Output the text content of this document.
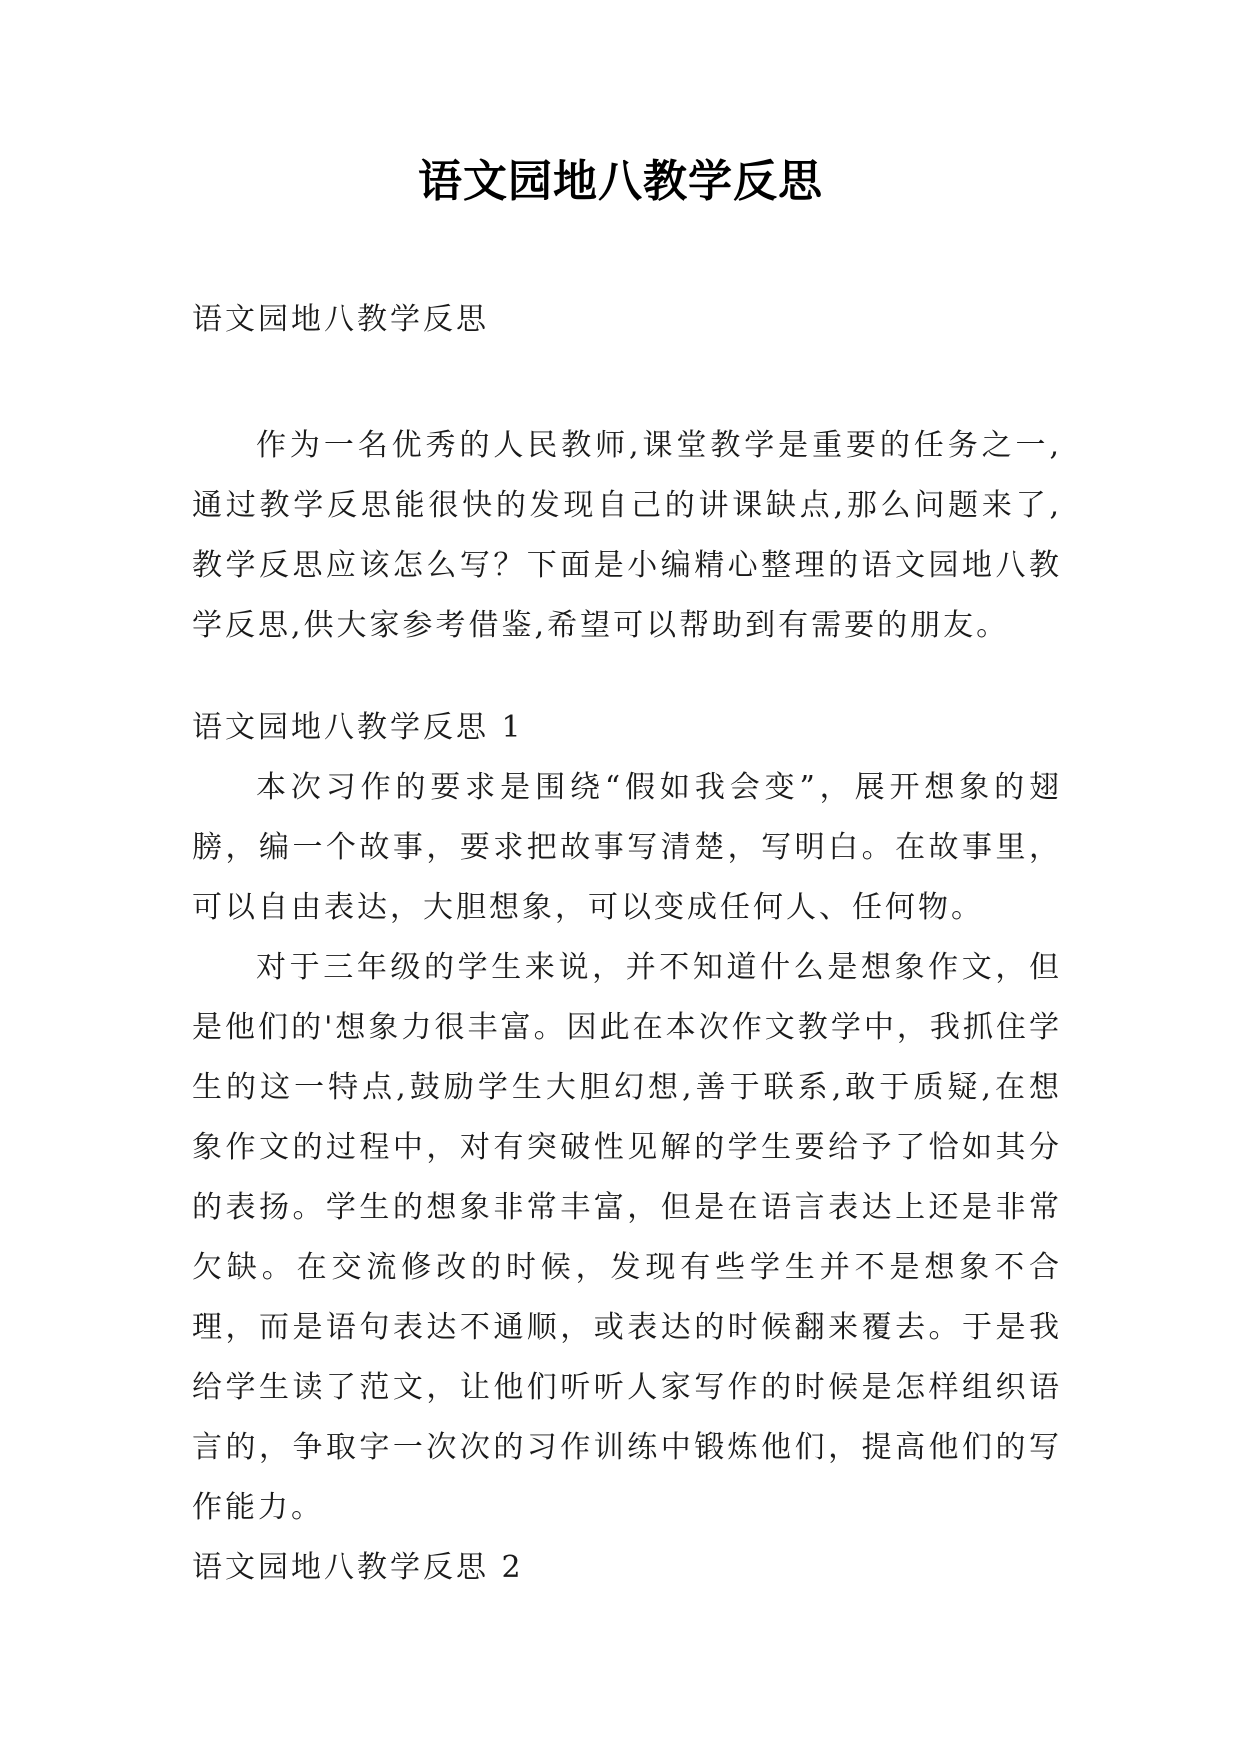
语文园地八教学反思

语文园地八教学反思

作为一名优秀的人民教师,课堂教学是重要的任务之一,通过教学反思能很快的发现自己的讲课缺点,那么问题来了,教学反思应该怎么写？下面是小编精心整理的语文园地八教学反思,供大家参考借鉴,希望可以帮助到有需要的朋友。

语文园地八教学反思 1

本次习作的要求是围绕“假如我会变”，展开想象的翅膀，编一个故事，要求把故事写清楚，写明白。在故事里，可以自由表达，大胆想象，可以变成任何人、任何物。

对于三年级的学生来说，并不知道什么是想象作文，但是他们的'想象力很丰富。因此在本次作文教学中，我抓住学生的这一特点,鼓励学生大胆幻想,善于联系,敢于质疑,在想象作文的过程中，对有突破性见解的学生要给予了恰如其分的表扬。学生的想象非常丰富，但是在语言表达上还是非常欠缺。在交流修改的时候，发现有些学生并不是想象不合理，而是语句表达不通顺，或表达的时候翻来覆去。于是我给学生读了范文，让他们听听人家写作的时候是怎样组织语言的，争取字一次次的习作训练中锻炼他们，提高他们的写作能力。

语文园地八教学反思 2
